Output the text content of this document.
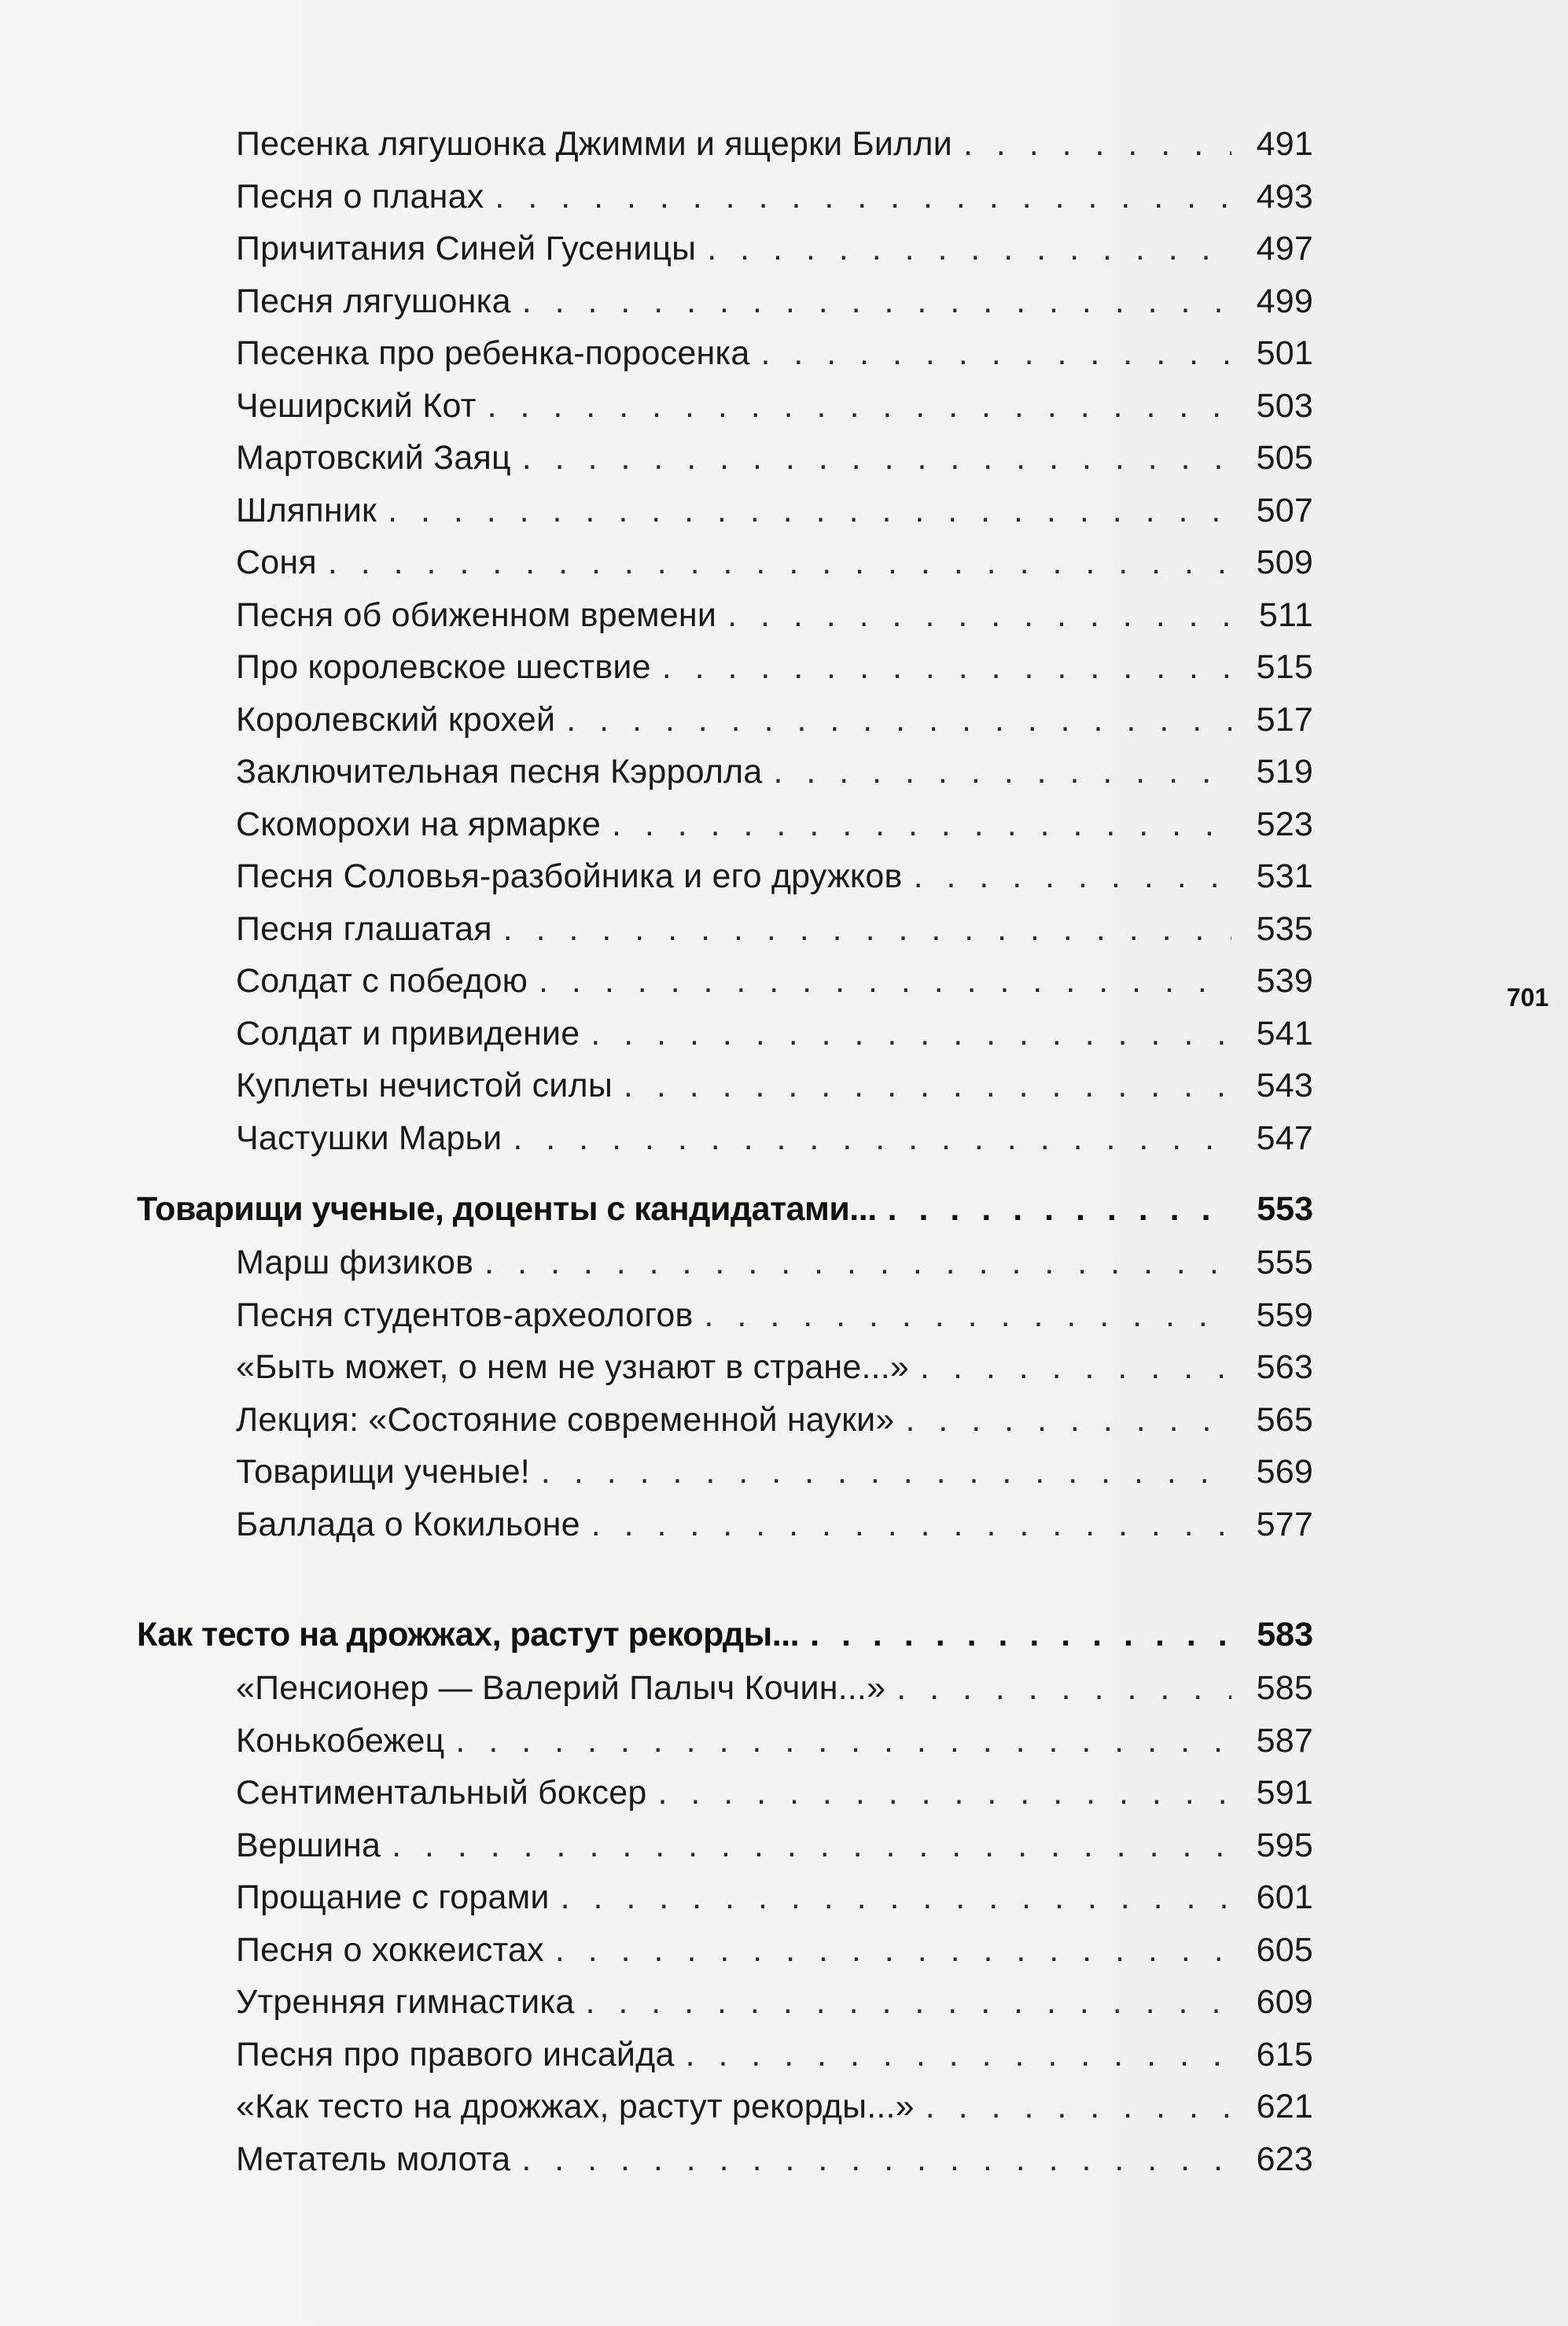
Песенка лягушонка Джимми и ящерки Билли . . .	491
Песня о планах . . .	493
Причитания Синей Гусеницы . . .	497
Песня лягушонка . . .	499
Песенка про ребенка-поросенка . . .	501
Чеширский Кот . . .	503
Мартовский Заяц . . .	505
Шляпник . . .	507
Соня . . .	509
Песня об обиженном времени . . .	511
Про королевское шествие . . .	515
Королевский крохей . . .	517
Заключительная песня Кэрролла . . .	519
Скоморохи на ярмарке . . .	523
Песня Соловья-разбойника и его дружков . . .	531
Песня глашатая . . .	535
Солдат с победою . . .	539
Солдат и привидение . . .	541
Куплеты нечистой силы . . .	543
Частушки Марьи . . .	547
Товарищи ученые, доценты с кандидатами... . . .	553
Марш физиков . . .	555
Песня студентов-археологов . . .	559
«Быть может, о нем не узнают в стране...» . . .	563
Лекция: «Состояние современной науки» . . .	565
Товарищи ученые! . . .	569
Баллада о Кокильоне . . .	577
Как тесто на дрожжах, растут рекорды... . . .	583
«Пенсионер — Валерий Палыч Кочин...» . . .	585
Конькобежец . . .	587
Сентиментальный боксер . . .	591
Вершина . . .	595
Прощание с горами . . .	601
Песня о хоккеистах . . .	605
Утренняя гимнастика . . .	609
Песня про правого инсайда . . .	615
«Как тесто на дрожжах, растут рекорды...» . . .	621
Метатель молота . . .	623
701
